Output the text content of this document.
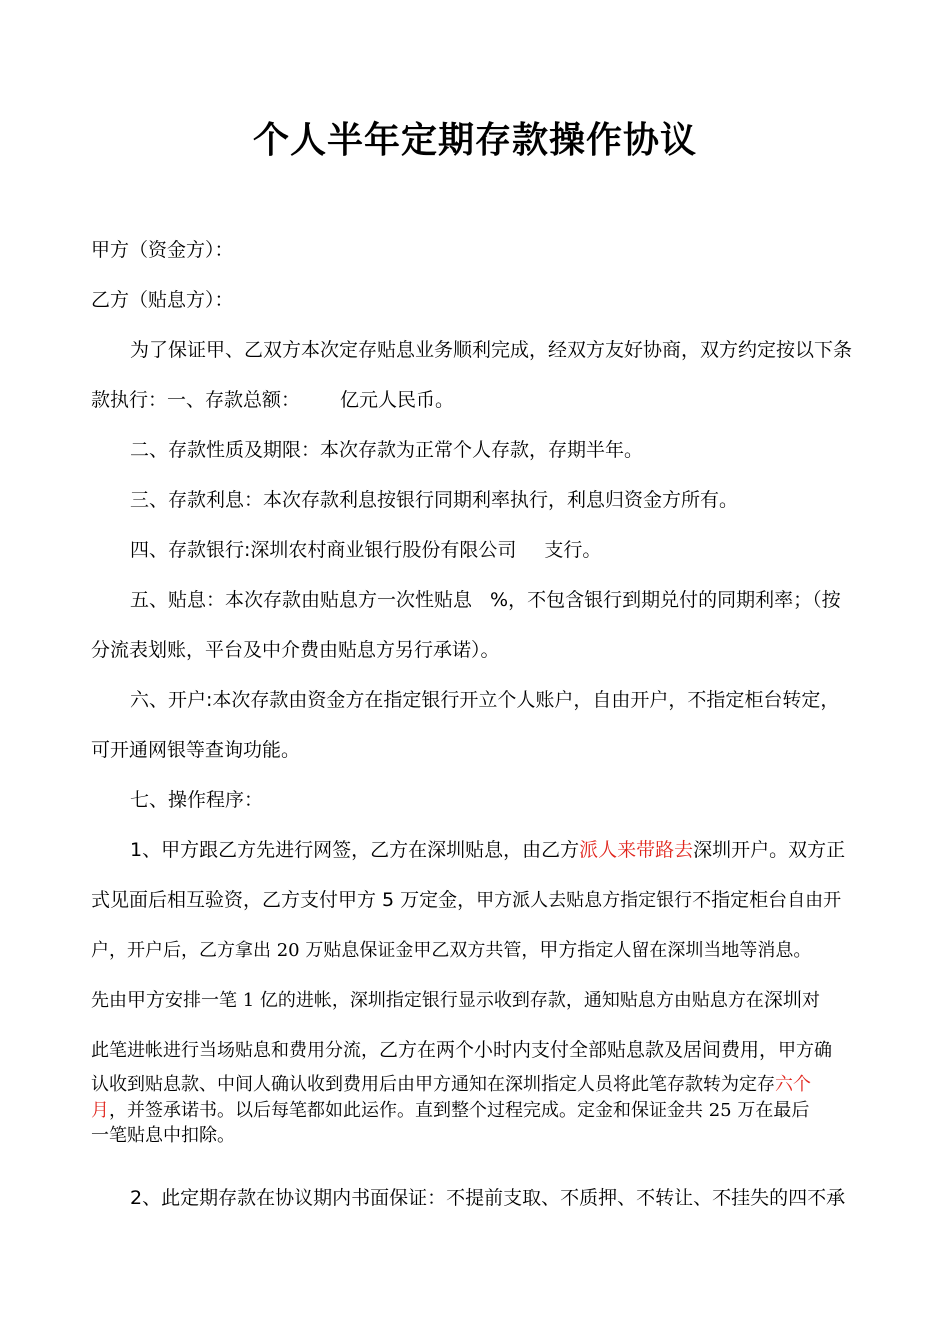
个人半年定期存款操作协议
甲方（资金方）：
乙方（贴息方）：
为了保证甲、乙双方本次定存贴息业务顺利完成，经双方友好协商，双方约定按以下条
款执行：一、存款总额： 亿元人民币。
二、存款性质及期限：本次存款为正常个人存款，存期半年。
三、存款利息：本次存款利息按银行同期利率执行，利息归资金方所有。
四、存款银行:深圳农村商业银行股份有限公司 支行。
五、贴息：本次存款由贴息方一次性贴息 %，不包含银行到期兑付的同期利率；（按
分流表划账，平台及中介费由贴息方另行承诺）。
六、开户:本次存款由资金方在指定银行开立个人账户，自由开户，不指定柜台转定，
可开通网银等查询功能。
七、操作程序：
1、甲方跟乙方先进行网签，乙方在深圳贴息，由乙方派人来带路去深圳开户。双方正
式见面后相互验资，乙方支付甲方 5 万定金，甲方派人去贴息方指定银行不指定柜台自由开
户，开户后，乙方拿出 20 万贴息保证金甲乙双方共管，甲方指定人留在深圳当地等消息。
先由甲方安排一笔 1 亿的进帐，深圳指定银行显示收到存款，通知贴息方由贴息方在深圳对
此笔进帐进行当场贴息和费用分流，乙方在两个小时内支付全部贴息款及居间费用，甲方确
认收到贴息款、中间人确认收到费用后由甲方通知在深圳指定人员将此笔存款转为定存六个
月，并签承诺书。以后每笔都如此运作。直到整个过程完成。定金和保证金共 25 万在最后
一笔贴息中扣除。
2、此定期存款在协议期内书面保证：不提前支取、不质押、不转让、不挂失的四不承
